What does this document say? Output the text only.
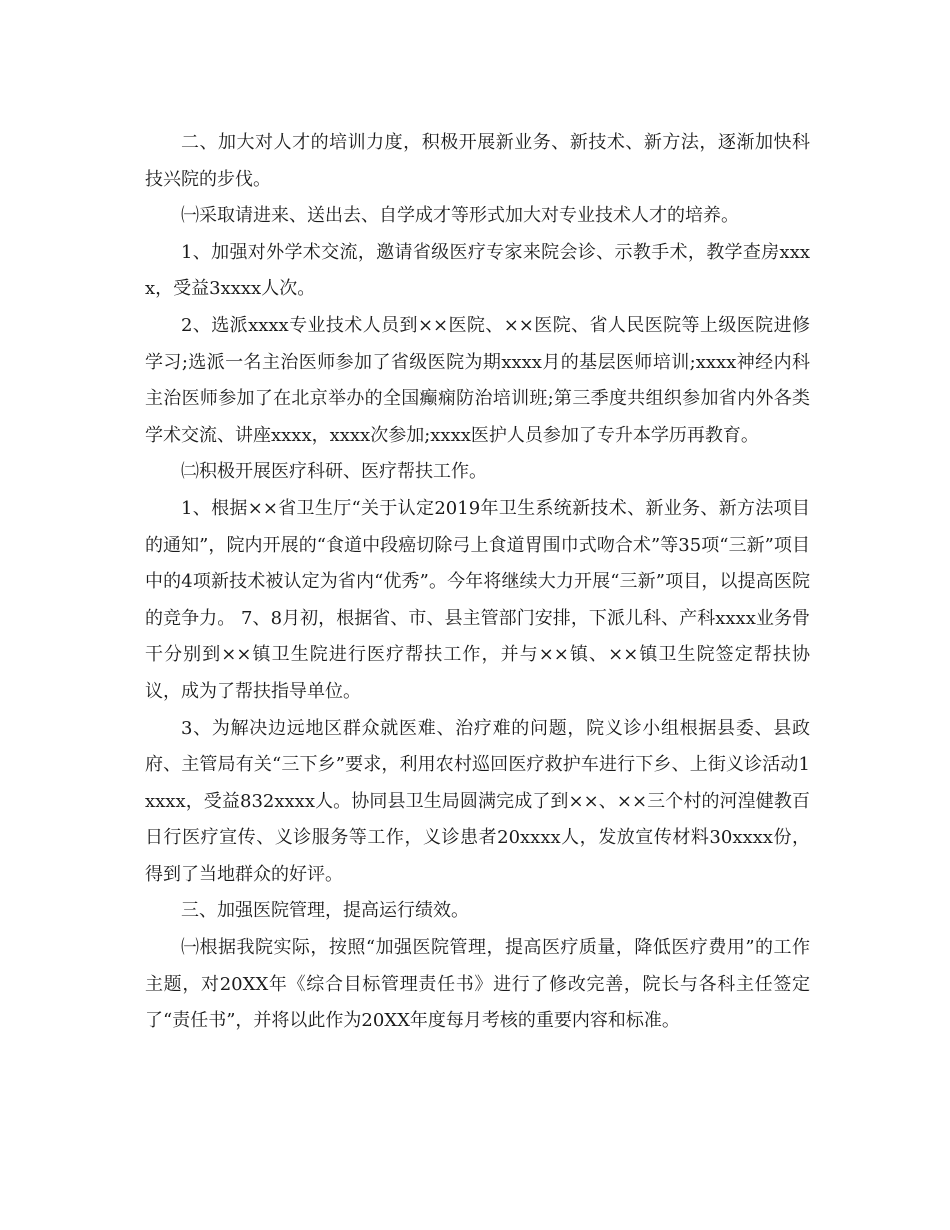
二、加大对人才的培训力度，积极开展新业务、新技术、新方法，逐渐加快科技兴院的步伐。

㈠采取请进来、送出去、自学成才等形式加大对专业技术人才的培养。

1、加强对外学术交流，邀请省级医疗专家来院会诊、示教手术，教学查房xxxx，受益3xxxx人次。

2、选派xxxx专业技术人员到××医院、××医院、省人民医院等上级医院进修学习;选派一名主治医师参加了省级医院为期xxxx月的基层医师培训;xxxx神经内科主治医师参加了在北京举办的全国癫痫防治培训班;第三季度共组织参加省内外各类学术交流、讲座xxxx，xxxx次参加;xxxx医护人员参加了专升本学历再教育。

㈡积极开展医疗科研、医疗帮扶工作。

1、根据××省卫生厅“关于认定2019年卫生系统新技术、新业务、新方法项目的通知”，院内开展的“食道中段癌切除弓上食道胃围巾式吻合术”等35项“三新”项目中的4项新技术被认定为省内“优秀”。今年将继续大力开展“三新”项目，以提高医院的竞争力。 7、8月初，根据省、市、县主管部门安排，下派儿科、产科xxxx业务骨干分别到××镇卫生院进行医疗帮扶工作，并与××镇、××镇卫生院签定帮扶协议，成为了帮扶指导单位。

3、为解决边远地区群众就医难、治疗难的问题，院义诊小组根据县委、县政府、主管局有关“三下乡”要求，利用农村巡回医疗救护车进行下乡、上街义诊活动1xxxx，受益832xxxx人。协同县卫生局圆满完成了到××、××三个村的河湟健教百日行医疗宣传、义诊服务等工作，义诊患者20xxxx人，发放宣传材料30xxxx份，得到了当地群众的好评。

三、加强医院管理，提高运行绩效。

㈠根据我院实际，按照“加强医院管理，提高医疗质量，降低医疗费用”的工作主题，对20XX年《综合目标管理责任书》进行了修改完善，院长与各科主任签定了“责任书”，并将以此作为20XX年度每月考核的重要内容和标准。
